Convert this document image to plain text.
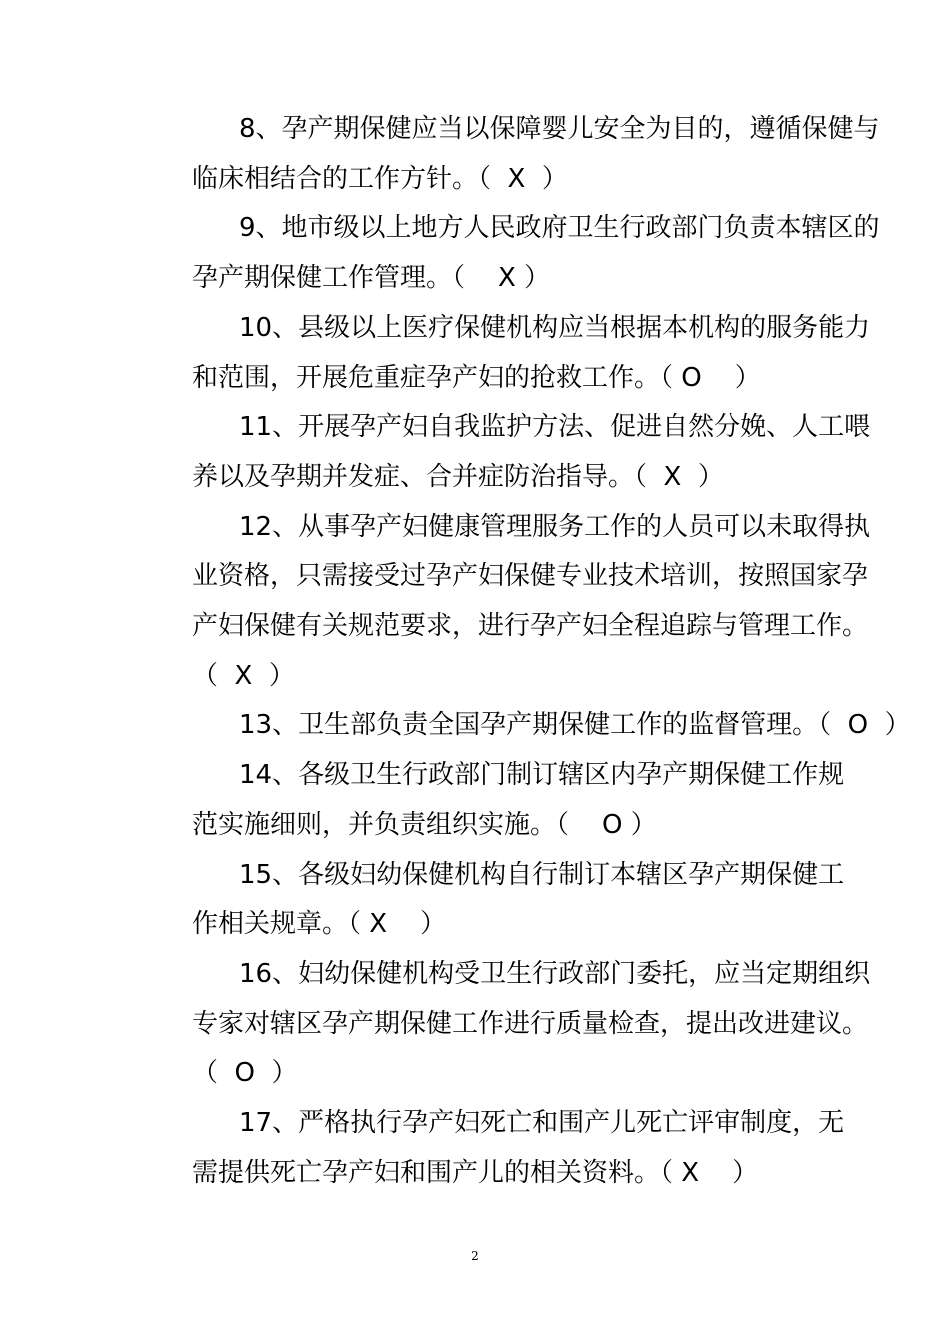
8、孕产期保健应当以保障婴儿安全为目的，遵循保健与
临床相结合的工作方针。（  X  ）
9、地市级以上地方人民政府卫生行政部门负责本辖区的
孕产期保健工作管理。（    X ）
10、县级以上医疗保健机构应当根据本机构的服务能力
和范围，开展危重症孕产妇的抢救工作。（ O    ）
11、开展孕产妇自我监护方法、促进自然分娩、人工喂
养以及孕期并发症、合并症防治指导。（  X  ）
12、从事孕产妇健康管理服务工作的人员可以未取得执
业资格，只需接受过孕产妇保健专业技术培训，按照国家孕
产妇保健有关规范要求，进行孕产妇全程追踪与管理工作。
（  X  ）
13、卫生部负责全国孕产期保健工作的监督管理。（  O  ）
14、各级卫生行政部门制订辖区内孕产期保健工作规
范实施细则，并负责组织实施。（    O ）
15、各级妇幼保健机构自行制订本辖区孕产期保健工
作相关规章。（ X    ）
16、妇幼保健机构受卫生行政部门委托，应当定期组织
专家对辖区孕产期保健工作进行质量检查，提出改进建议。
（  O  ）
17、严格执行孕产妇死亡和围产儿死亡评审制度，无
需提供死亡孕产妇和围产儿的相关资料。（ X    ）
2
